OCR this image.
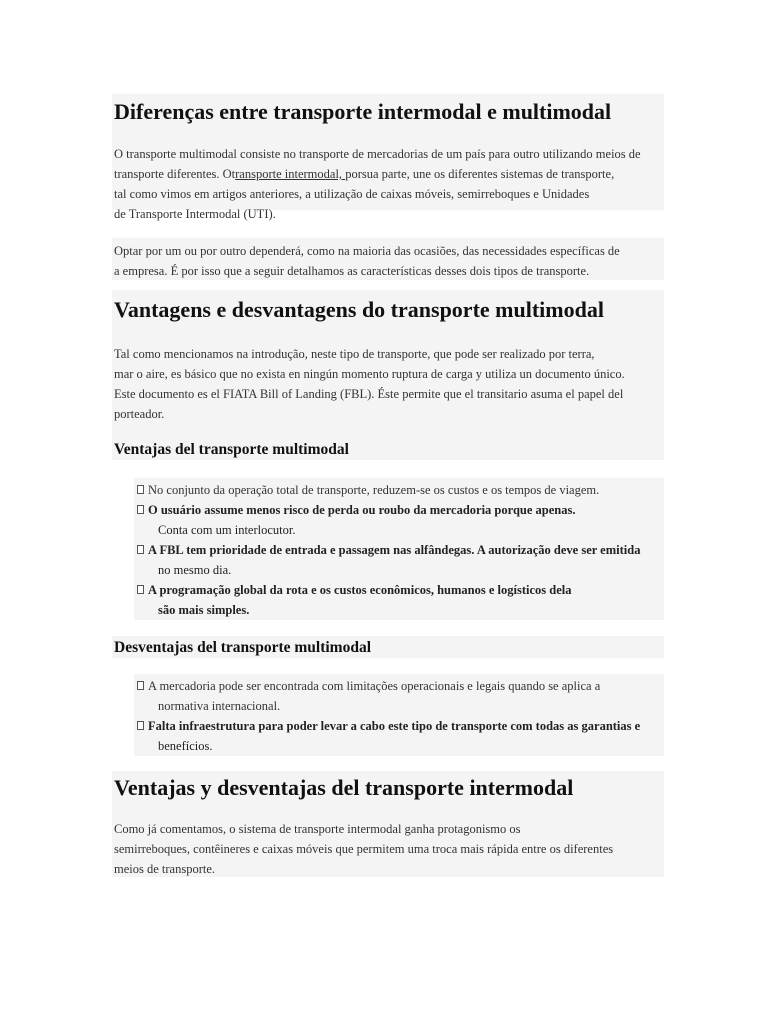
Diferenças entre transporte intermodal e multimodal

O transporte multimodal consiste no transporte de mercadorias de um país para outro utilizando meios de
transporte diferentes. Otransporte intermodal, porsua parte, une os diferentes sistemas de transporte,
tal como vimos em artigos anteriores, a utilização de caixas móveis, semirreboques e Unidades
de Transporte Intermodal (UTI).

Optar por um ou por outro dependerá, como na maioria das ocasiões, das necessidades específicas de
a empresa. É por isso que a seguir detalhamos as características desses dois tipos de transporte.

Vantagens e desvantagens do transporte multimodal

Tal como mencionamos na introdução, neste tipo de transporte, que pode ser realizado por terra,
mar o aire, es básico que no exista en ningún momento ruptura de carga y utiliza un documento único.
Este documento es el FIATA Bill of Landing (FBL). Éste permite que el transitario asuma el papel del
porteador.

Ventajas del transporte multimodal
No conjunto da operação total de transporte, reduzem-se os custos e os tempos de viagem.
O usuário assume menos risco de perda ou roubo da mercadoria porque apenas.
Conta com um interlocutor.
A FBL tem prioridade de entrada e passagem nas alfândegas. A autorização deve ser emitida
no mesmo dia.
A programação global da rota e os custos econômicos, humanos e logísticos dela
são mais simples.
Desventajas del transporte multimodal
A mercadoria pode ser encontrada com limitações operacionais e legais quando se aplica a
normativa internacional.
Falta infraestrutura para poder levar a cabo este tipo de transporte com todas as garantias e
benefícios.
Ventajas y desventajas del transporte intermodal

Como já comentamos, o sistema de transporte intermodal ganha protagonismo os
semirreboques, contêineres e caixas móveis que permitem uma troca mais rápida entre os diferentes
meios de transporte.
